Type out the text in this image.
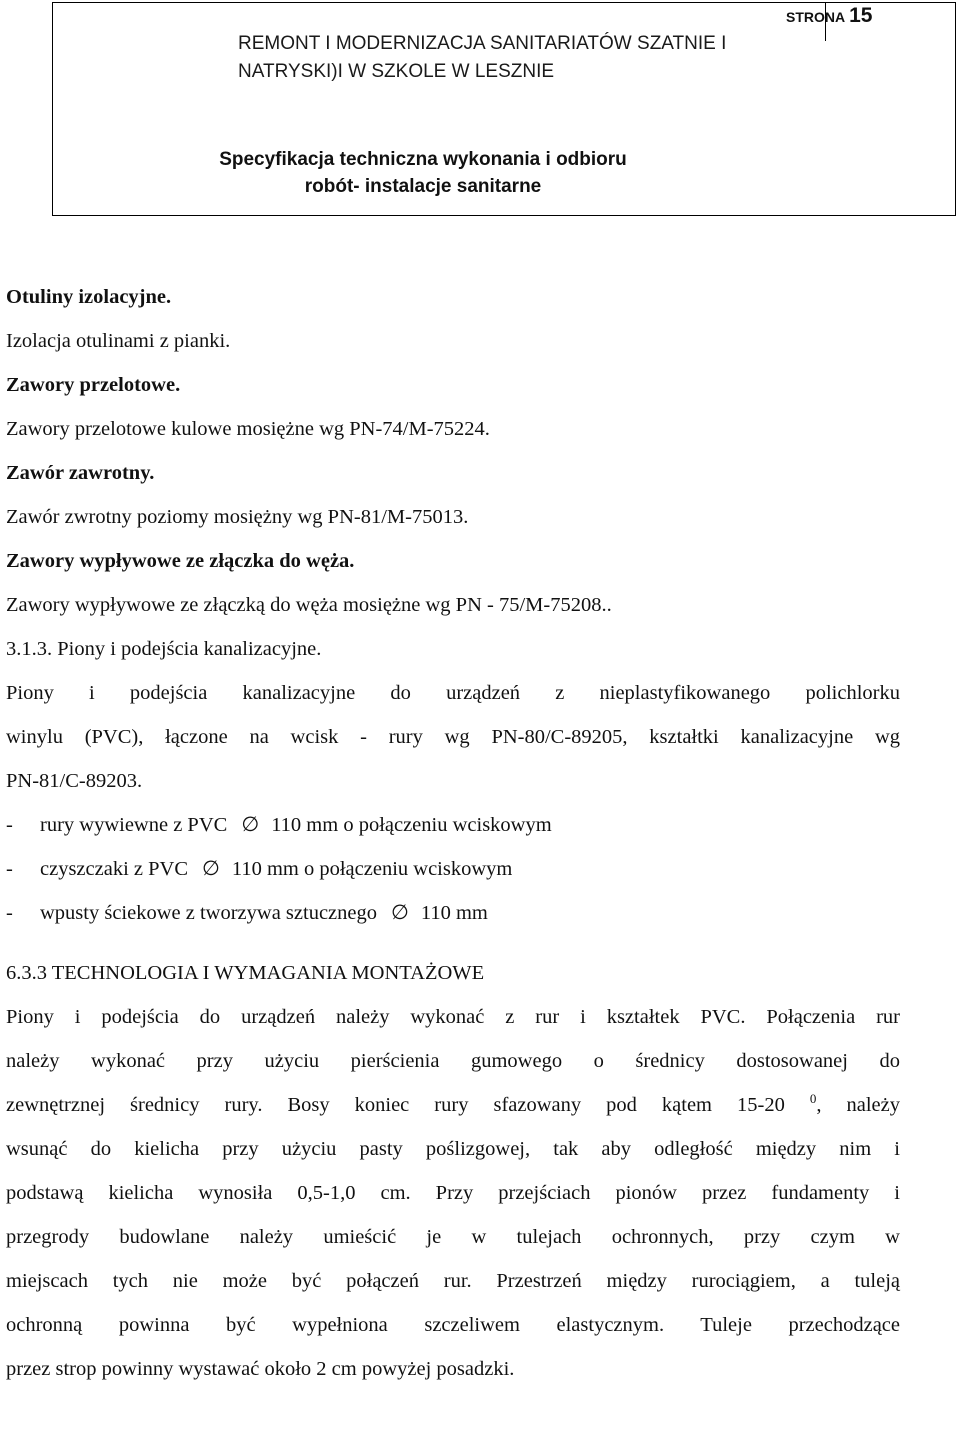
REMONT I MODERNIZACJA SANITARIATÓW SZATNIE I NATRYSKI)I W SZKOLE W LESZNIE
STRONA 15
Specyfikacja techniczna wykonania i odbioru
robót- instalacje sanitarne
Otuliny izolacyjne.
Izolacja otulinami z pianki.
Zawory przelotowe.
Zawory przelotowe kulowe mosiężne wg PN-74/M-75224.
Zawór zawrotny.
Zawór zwrotny poziomy mosiężny wg PN-81/M-75013.
Zawory wypływowe ze złączka do węża.
Zawory wypływowe ze złączką do węża mosiężne wg PN - 75/M-75208..
3.1.3. Piony i podejścia kanalizacyjne.
Piony i podejścia kanalizacyjne do urządzeń z nieplastyfikowanego polichlorku
winylu (PVC), łączone na wcisk - rury wg PN-80/C-89205, kształtki kanalizacyjne wg
PN-81/C-89203.
- rury wywiewne z PVC ∅ 110 mm o połączeniu wciskowym
- czyszczaki z PVC ∅ 110 mm o połączeniu wciskowym
- wpusty ściekowe z tworzywa sztucznego ∅ 110 mm
6.3.3 TECHNOLOGIA I WYMAGANIA MONTAŻOWE
Piony i podejścia do urządzeń należy wykonać z rur i kształtek PVC. Połączenia rur
należy wykonać przy użyciu pierścienia gumowego o średnicy dostosowanej do
zewnętrznej średnicy rury. Bosy koniec rury sfazowany pod kątem 15-20 $^0$, należy
wsunąć do kielicha przy użyciu pasty poślizgowej, tak aby odległość między nim i
podstawą kielicha wynosiła 0,5-1,0 cm. Przy przejściach pionów przez fundamenty i
przegrody budowlane należy umieścić je w tulejach ochronnych, przy czym w
miejscach tych nie może być połączeń rur. Przestrzeń między rurociągiem, a tuleją
ochronną powinna być wypełniona szczeliwem elastycznym. Tuleje przechodzące
przez strop powinny wystawać około 2 cm powyżej posadzki.
